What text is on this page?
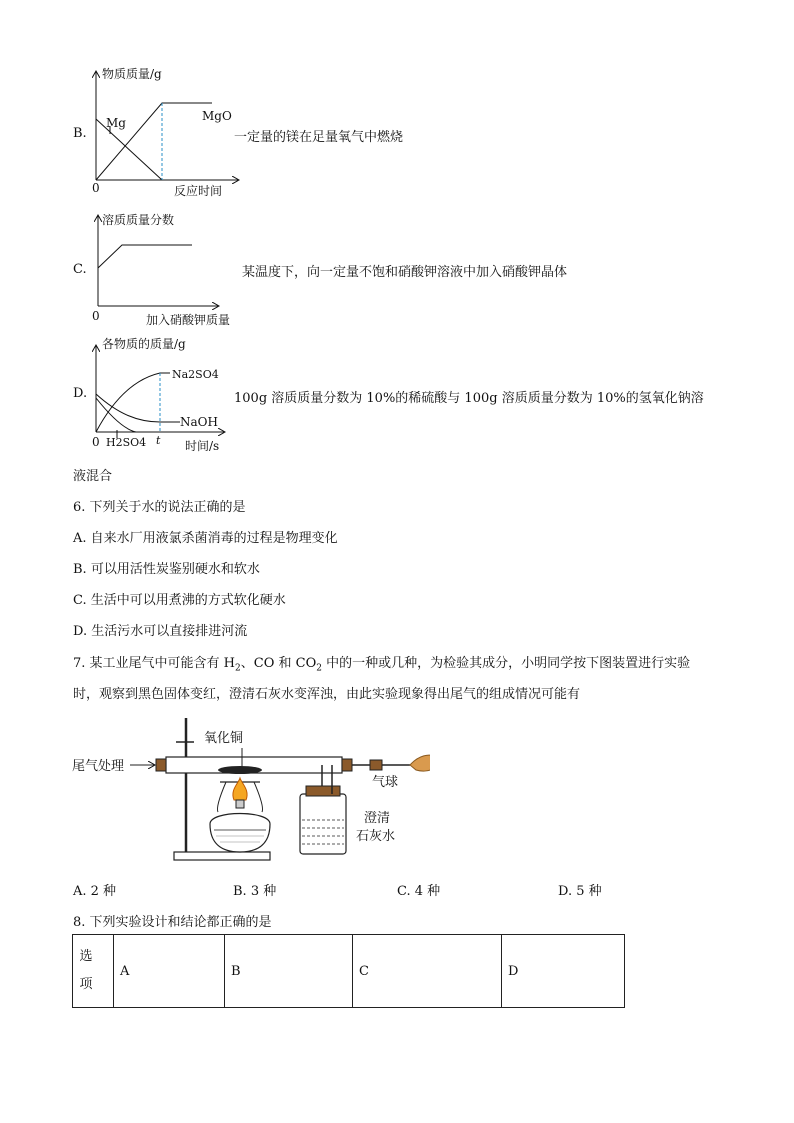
B.
物质质量/g
Mg	MgO
0	反应时间
一定量的镁在足量氧气中燃烧
C.
溶质质量分数
0	加入硝酸钾质量
某温度下，向一定量不饱和硝酸钾溶液中加入硝酸钾晶体
D.
各物质的质量/g
Na2SO4
NaOH
0 H2SO4 t 时间/s
100g 溶质质量分数为 10%的稀硫酸与 100g 溶质质量分数为 10%的氢氧化钠溶
液混合
6. 下列关于水的说法正确的是
A. 自来水厂用液氯杀菌消毒的过程是物理变化
B. 可以用活性炭鉴别硬水和软水
C. 生活中可以用煮沸的方式软化硬水
D. 生活污水可以直接排进河流
7. 某工业尾气中可能含有 $H_2$、CO 和 $CO_2$ 中的一种或几种，为检验其成分，小明同学按下图装置进行实验
时，观察到黑色固体变红，澄清石灰水变浑浊，由此实验现象得出尾气的组成情况可能有
尾气处理
氧化铜
气球
澄清
石灰水
A. 2 种	B. 3 种	C. 4 种	D. 5 种
8. 下列实验设计和结论都正确的是
选项
	A	B	C	D
